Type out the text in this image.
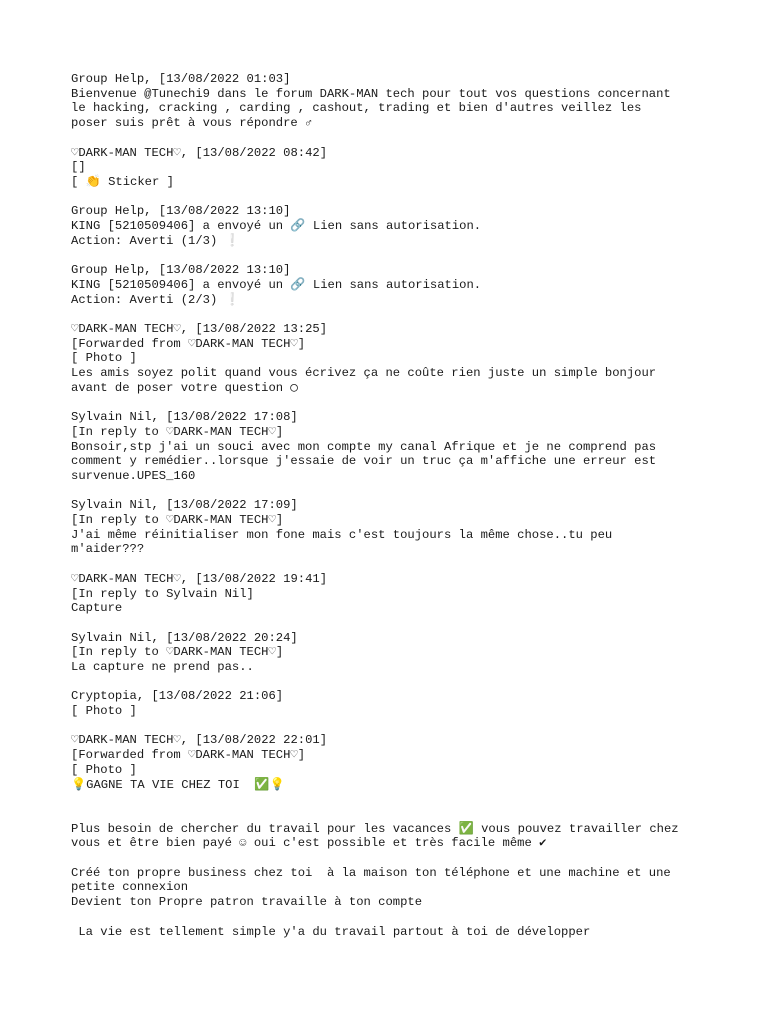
Group Help, [13/08/2022 01:03]
Bienvenue @Tunechi9 dans le forum DARK-MAN tech pour tout vos questions concernant
le hacking, cracking , carding , cashout, trading et bien d'autres veillez les
poser suis prêt à vous répondre ♂
♡DARK-MAN TECH♡, [13/08/2022 08:42]
[]
[ 👏 Sticker ]
Group Help, [13/08/2022 13:10]
KING [5210509406] a envoyé un 🔗 Lien sans autorisation.
Action: Averti (1/3) ❕
Group Help, [13/08/2022 13:10]
KING [5210509406] a envoyé un 🔗 Lien sans autorisation.
Action: Averti (2/3) ❕
♡DARK-MAN TECH♡, [13/08/2022 13:25]
[Forwarded from ♡DARK-MAN TECH♡]
[ Photo ]
Les amis soyez polit quand vous écrivez ça ne coûte rien juste un simple bonjour
avant de poser votre question ◯
Sylvain Nil, [13/08/2022 17:08]
[In reply to ♡DARK-MAN TECH♡]
Bonsoir,stp j'ai un souci avec mon compte my canal Afrique et je ne comprend pas
comment y remédier..lorsque j'essaie de voir un truc ça m'affiche une erreur est
survenue.UPES_160
Sylvain Nil, [13/08/2022 17:09]
[In reply to ♡DARK-MAN TECH♡]
J'ai même réinitialiser mon fone mais c'est toujours la même chose..tu peu
m'aider???
♡DARK-MAN TECH♡, [13/08/2022 19:41]
[In reply to Sylvain Nil]
Capture
Sylvain Nil, [13/08/2022 20:24]
[In reply to ♡DARK-MAN TECH♡]
La capture ne prend pas..
Cryptopia, [13/08/2022 21:06]
[ Photo ]
♡DARK-MAN TECH♡, [13/08/2022 22:01]
[Forwarded from ♡DARK-MAN TECH♡]
[ Photo ]
💡GAGNE TA VIE CHEZ TOI  ✅💡
Plus besoin de chercher du travail pour les vacances ✅ vous pouvez travailler chez
vous et être bien payé ☺ oui c'est possible et très facile même ✔
Créé ton propre business chez toi  à la maison ton téléphone et une machine et une
petite connexion
Devient ton Propre patron travaille à ton compte
La vie est tellement simple y'a du travail partout à toi de développer
